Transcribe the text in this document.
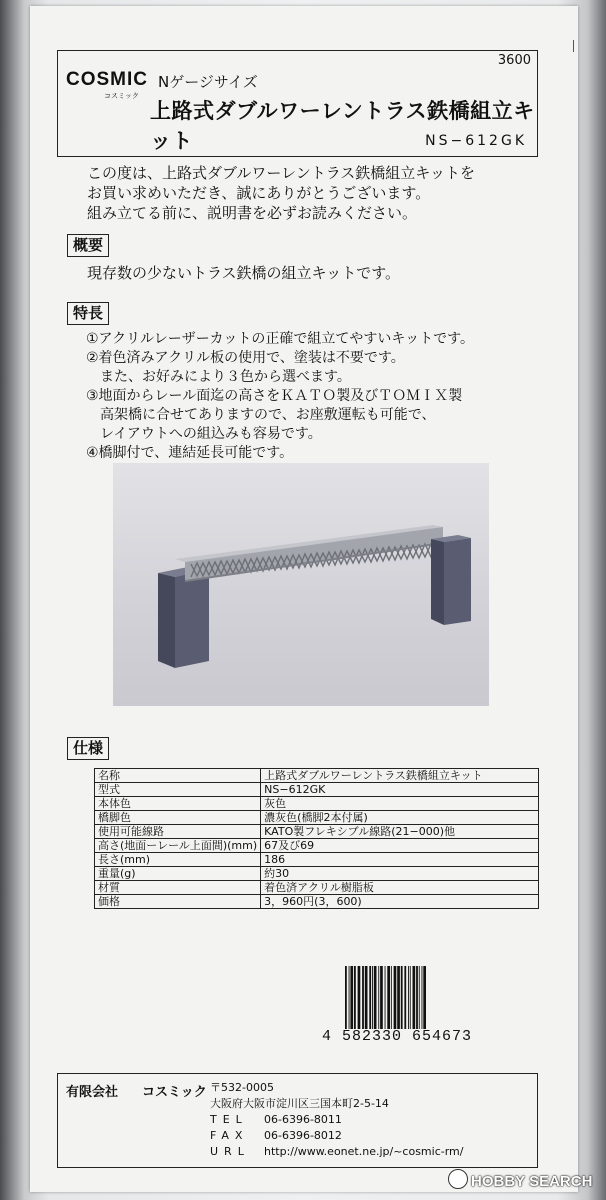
3600
COSMIC
コスミック
Nゲージサイズ
上路式ダブルワーレントラス鉄橋組立キット	NS−612GK
この度は、上路式ダブルワーレントラス鉄橋組立キットを
お買い求めいただき、誠にありがとうございます。
組み立てる前に、説明書を必ずお読みください。
概要
現存数の少ないトラス鉄橋の組立キットです。
特長
①アクリルレーザーカットの正確で組立てやすいキットです。
②着色済みアクリル板の使用で、塗装は不要です。
　また、お好みにより３色から選べます。
③地面からレール面迄の高さをＫＡＴＯ製及びＴＯＭＩＸ製
　高架橋に合せてありますので、お座敷運転も可能で、
　レイアウトへの組込みも容易です。
④橋脚付で、連結延長可能です。
仕様
名称	上路式ダブルワーレントラス鉄橋組立キット
型式	NS−612GK
本体色	灰色
橋脚色	濃灰色(橋脚2本付属)
使用可能線路	KATO製フレキシブル線路(21−000)他
高さ(地面ーレール上面間)(mm)	67及び69
長さ(mm)	186
重量(g)	約30
材質	着色済アクリル樹脂板
価格	3，960円(3，600)
4 582330 654673
有限会社 コスミック 〒532-0005
大阪府大阪市淀川区三国本町2-5-14
TEL 06-6396-8011
FAX 06-6396-8012
URL http://www.eonet.ne.jp/~cosmic-rm/
HOBBY SEARCH
